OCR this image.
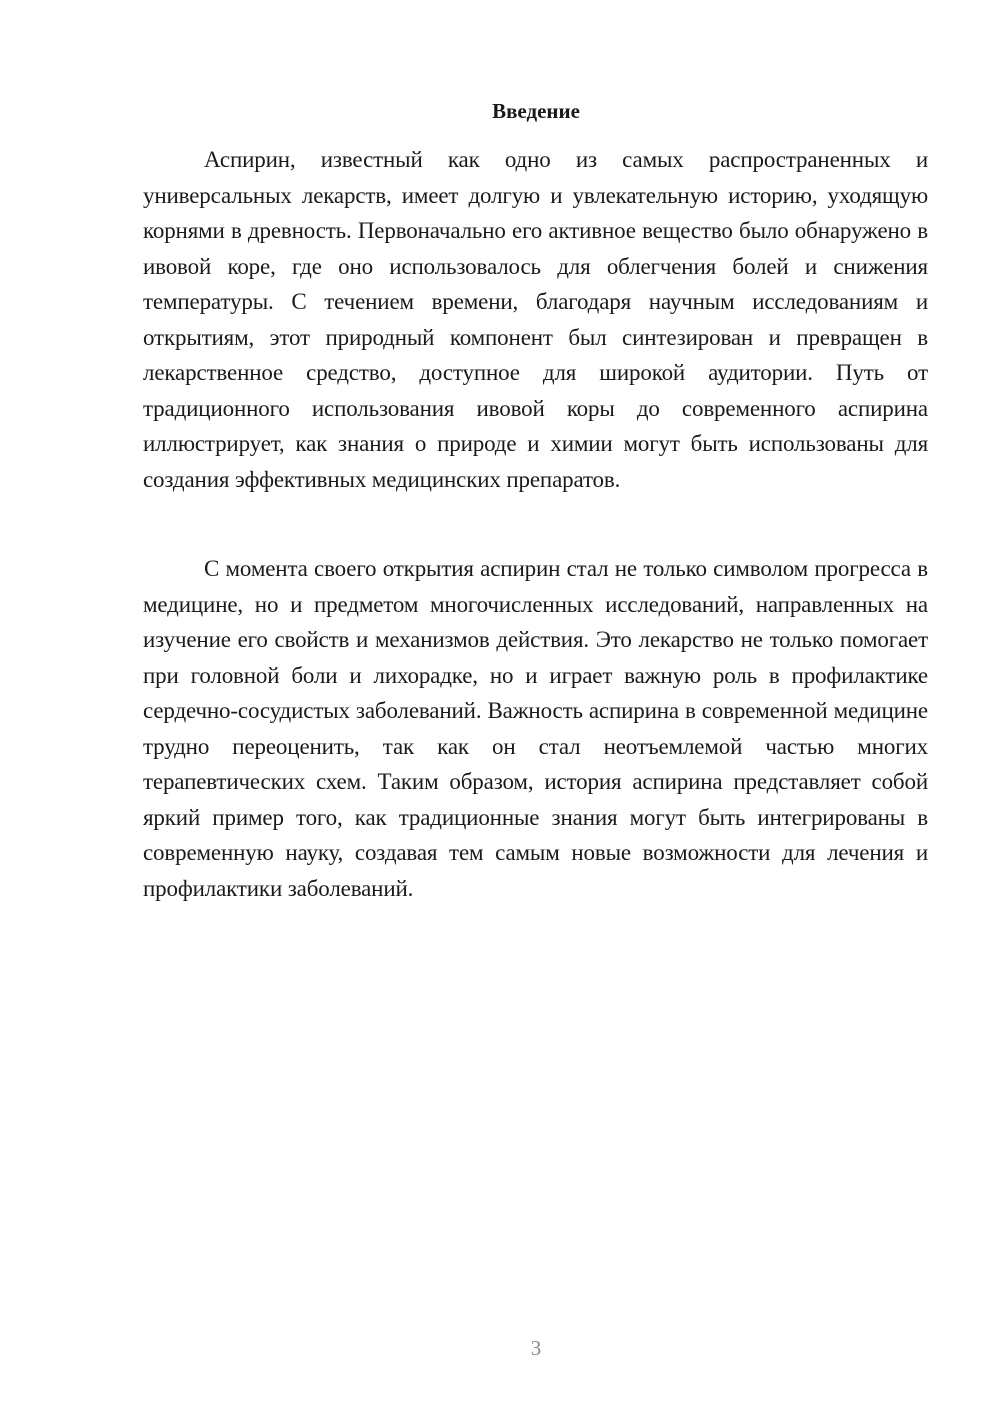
Введение

Аспирин, известный как одно из самых распространенных и универсальных лекарств, имеет долгую и увлекательную историю, уходящую корнями в древность. Первоначально его активное вещество было обнаружено в ивовой коре, где оно использовалось для облегчения болей и снижения температуры. С течением времени, благодаря научным исследованиям и открытиям, этот природный компонент был синтезирован и превращен в лекарственное средство, доступное для широкой аудитории. Путь от традиционного использования ивовой коры до современного аспирина иллюстрирует, как знания о природе и химии могут быть использованы для создания эффективных медицинских препаратов.

С момента своего открытия аспирин стал не только символом прогресса в медицине, но и предметом многочисленных исследований, направленных на изучение его свойств и механизмов действия. Это лекарство не только помогает при головной боли и лихорадке, но и играет важную роль в профилактике сердечно-сосудистых заболеваний. Важность аспирина в современной медицине трудно переоценить, так как он стал неотъемлемой частью многих терапевтических схем. Таким образом, история аспирина представляет собой яркий пример того, как традиционные знания могут быть интегрированы в современную науку, создавая тем самым новые возможности для лечения и профилактики заболеваний.

3
